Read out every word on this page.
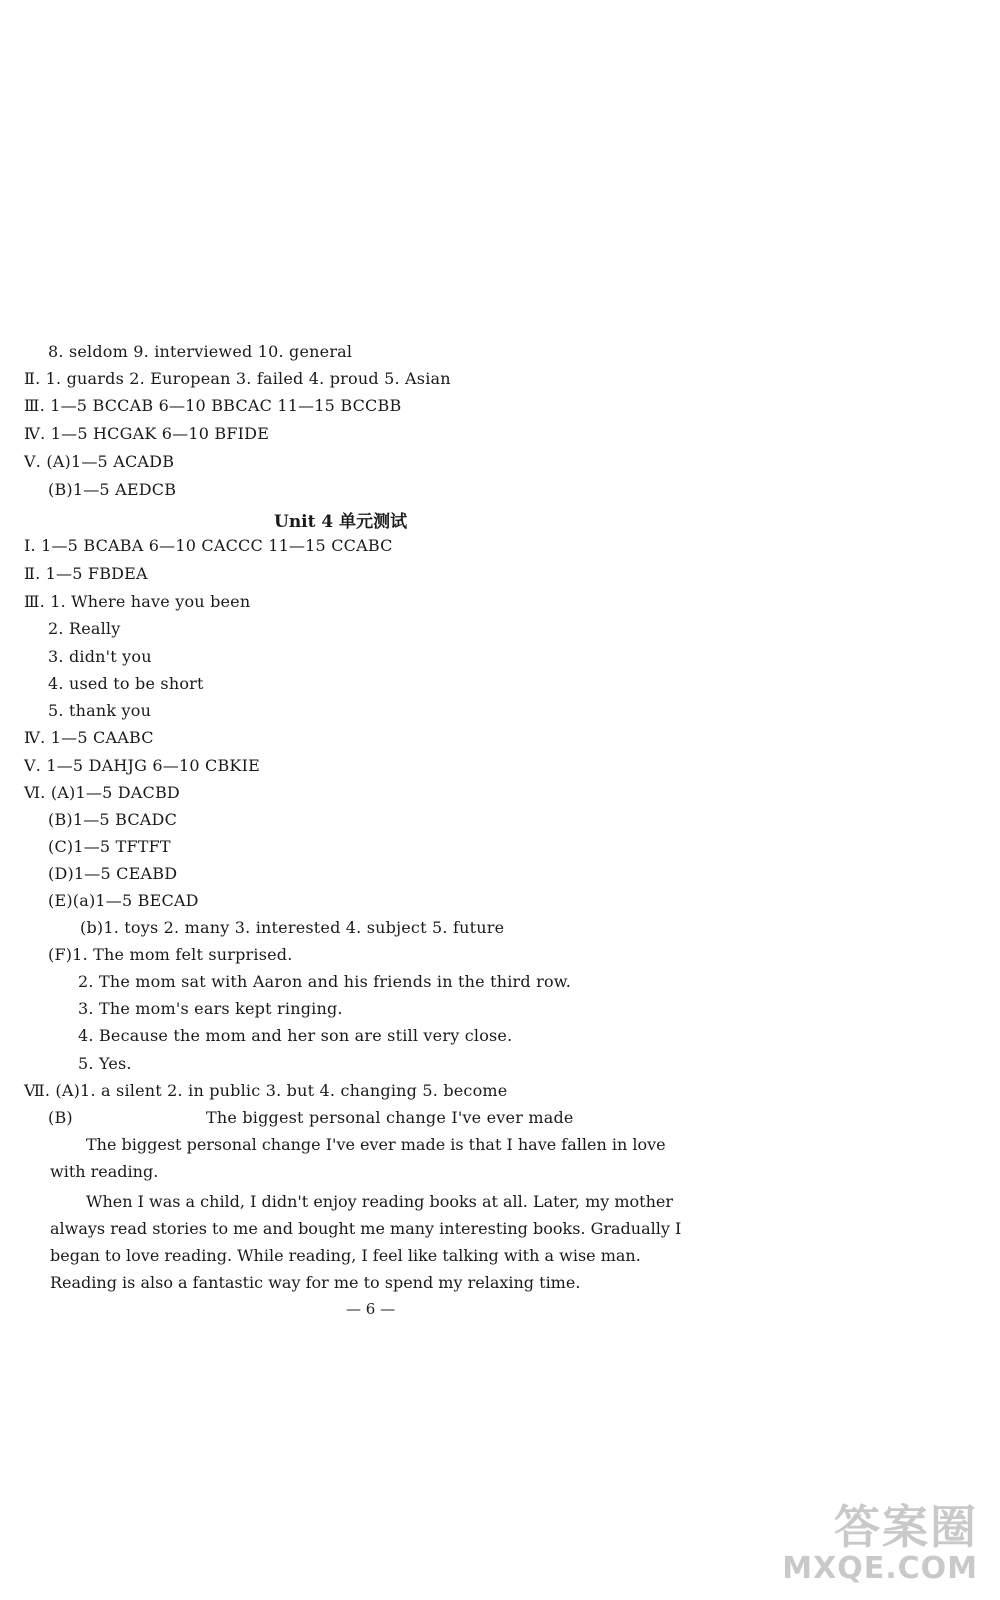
8. seldom 9. interviewed 10. general
Ⅱ. 1. guards 2. European 3. failed 4. proud 5. Asian
Ⅲ. 1—5 BCCAB 6—10 BBCAC 11—15 BCCBB
Ⅳ. 1—5 HCGAK 6—10 BFIDE
Ⅴ. (A)1—5 ACADB
(B)1—5 AEDCB
Unit 4 单元测试
Ⅰ. 1—5 BCABA 6—10 CACCC 11—15 CCABC
Ⅱ. 1—5 FBDEA
Ⅲ. 1. Where have you been
2. Really
3. didn't you
4. used to be short
5. thank you
Ⅳ. 1—5 CAABC
Ⅴ. 1—5 DAHJG 6—10 CBKIE
Ⅵ. (A)1—5 DACBD
(B)1—5 BCADC
(C)1—5 TFTFT
(D)1—5 CEABD
(E)(a)1—5 BECAD
(b)1. toys 2. many 3. interested 4. subject 5. future
(F)1. The mom felt surprised.
2. The mom sat with Aaron and his friends in the third row.
3. The mom's ears kept ringing.
4. Because the mom and her son are still very close.
5. Yes.
Ⅶ. (A)1. a silent 2. in public 3. but 4. changing 5. become
(B)	The biggest personal change I've ever made
The biggest personal change I've ever made is that I have fallen in love with reading.
When I was a child, I didn't enjoy reading books at all. Later, my mother always read stories to me and bought me many interesting books. Gradually I began to love reading. While reading, I feel like talking with a wise man. Reading is also a fantastic way for me to spend my relaxing time.
— 6 —
答案圈
MXQE.COM
